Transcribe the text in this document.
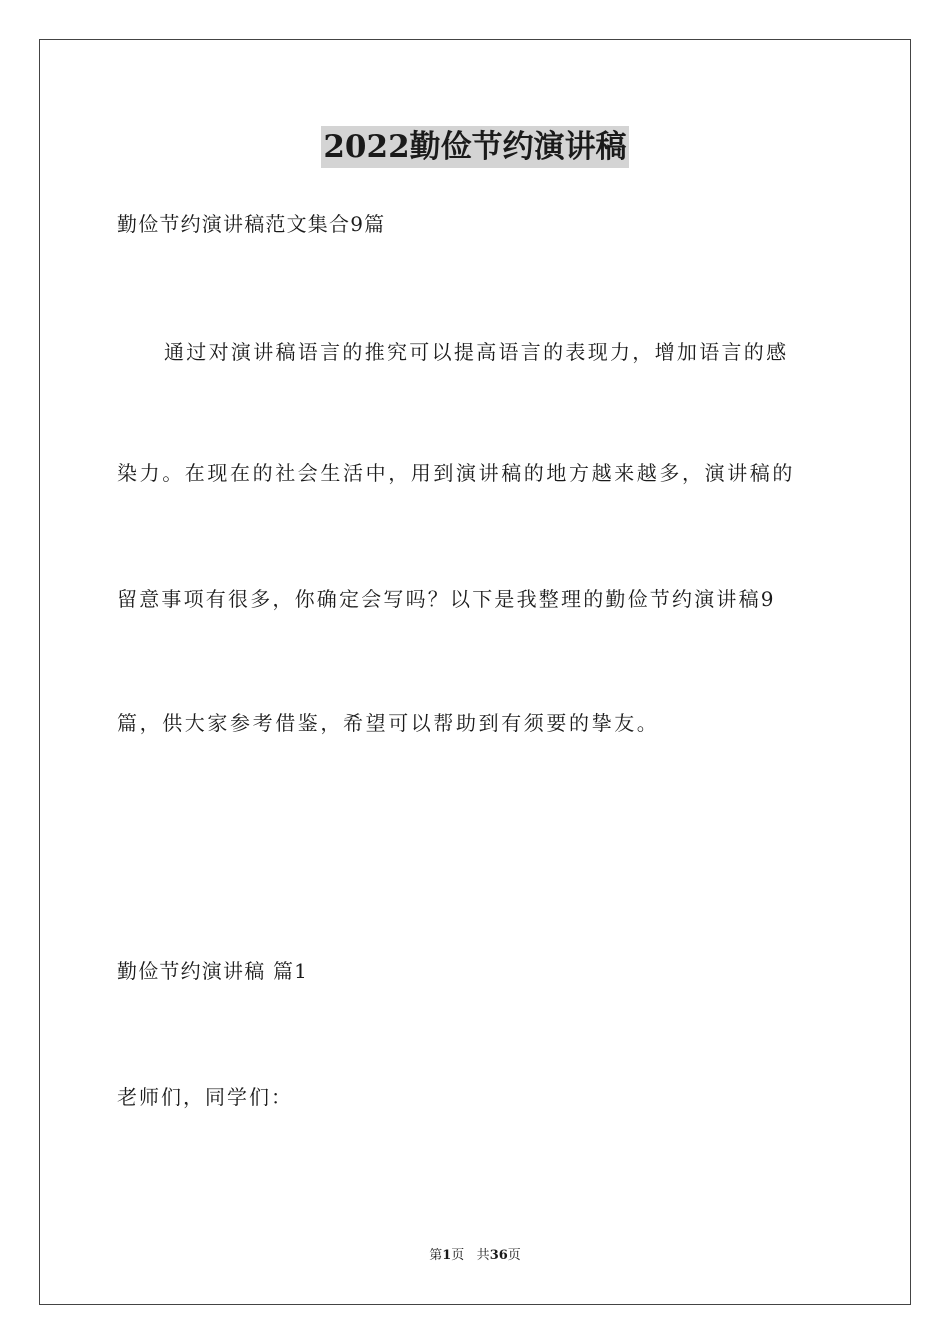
2022勤俭节约演讲稿
勤俭节约演讲稿范文集合9篇
通过对演讲稿语言的推究可以提高语言的表现力，增加语言的感
染力。在现在的社会生活中，用到演讲稿的地方越来越多，演讲稿的
留意事项有很多，你确定会写吗？以下是我整理的勤俭节约演讲稿9
篇，供大家参考借鉴，希望可以帮助到有须要的挚友。
勤俭节约演讲稿 篇1
老师们，同学们：
第1页 共36页
